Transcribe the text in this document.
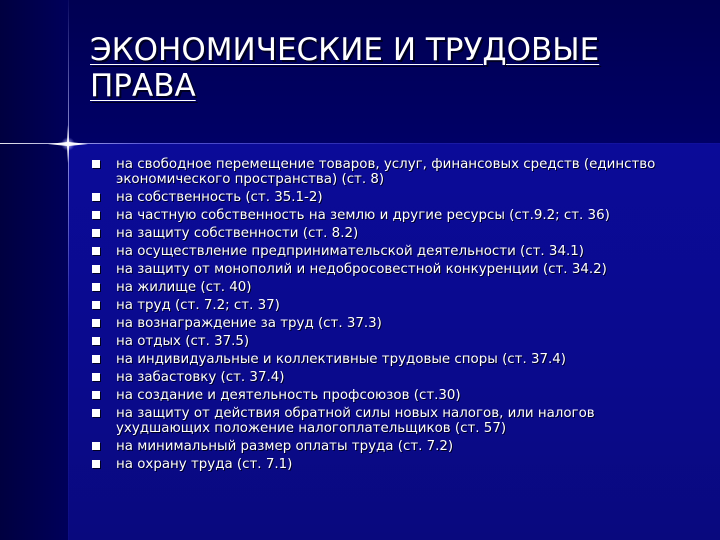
ЭКОНОМИЧЕСКИЕ И ТРУДОВЫЕ ПРАВА
на свободное перемещение товаров, услуг, финансовых средств (единство экономического пространства) (ст. 8)
на собственность (ст. 35.1-2)
на частную собственность на землю и другие ресурсы (ст.9.2; ст. 36)
на защиту собственности (ст. 8.2)
на осуществление предпринимательской деятельности (ст. 34.1)
на защиту от монополий и недобросовестной конкуренции (ст. 34.2)
на жилище (ст. 40)
на труд (ст. 7.2; ст. 37)
на вознаграждение за труд (ст. 37.3)
на отдых (ст. 37.5)
на индивидуальные и коллективные трудовые споры (ст. 37.4)
на забастовку (ст. 37.4)
на создание и деятельность профсоюзов (ст.30)
на защиту от действия обратной силы новых налогов, или налогов ухудшающих положение налогоплательщиков (ст. 57)
на минимальный размер оплаты труда (ст. 7.2)
на охрану труда (ст. 7.1)
